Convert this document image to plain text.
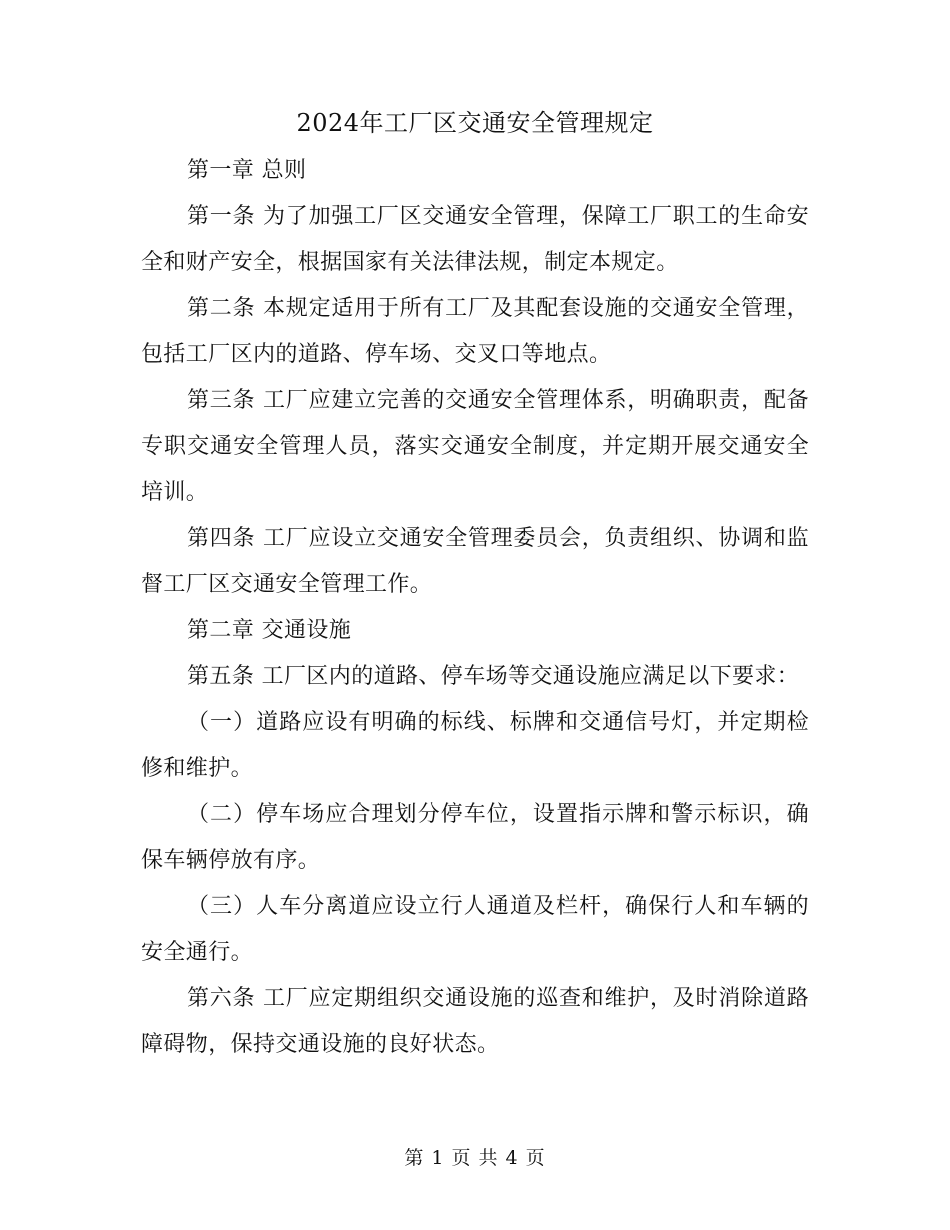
2024年工厂区交通安全管理规定

第一章 总则

第一条 为了加强工厂区交通安全管理，保障工厂职工的生命安全和财产安全，根据国家有关法律法规，制定本规定。

第二条 本规定适用于所有工厂及其配套设施的交通安全管理，包括工厂区内的道路、停车场、交叉口等地点。

第三条 工厂应建立完善的交通安全管理体系，明确职责，配备专职交通安全管理人员，落实交通安全制度，并定期开展交通安全培训。

第四条 工厂应设立交通安全管理委员会，负责组织、协调和监督工厂区交通安全管理工作。

第二章 交通设施

第五条 工厂区内的道路、停车场等交通设施应满足以下要求：

（一）道路应设有明确的标线、标牌和交通信号灯，并定期检修和维护。

（二）停车场应合理划分停车位，设置指示牌和警示标识，确保车辆停放有序。

（三）人车分离道应设立行人通道及栏杆，确保行人和车辆的安全通行。

第六条 工厂应定期组织交通设施的巡查和维护，及时消除道路障碍物，保持交通设施的良好状态。

第 1 页 共 4 页
